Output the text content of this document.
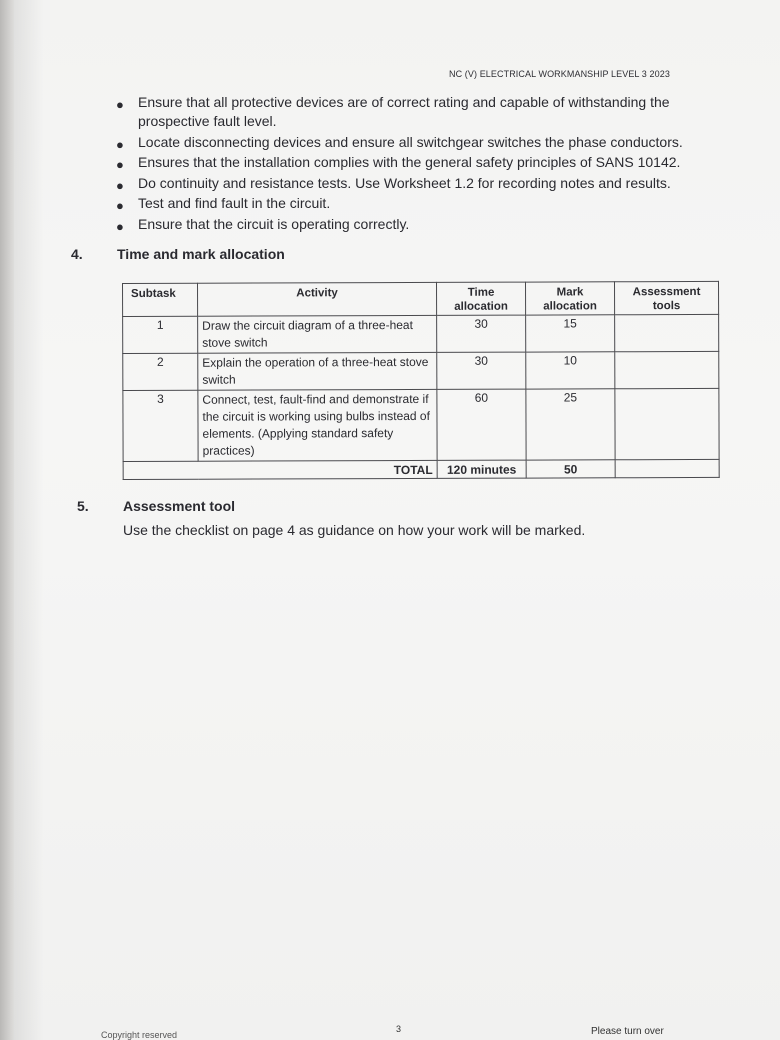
NC (V) ELECTRICAL WORKMANSHIP LEVEL 3 2023
● Ensure that all protective devices are of correct rating and capable of withstanding the prospective fault level.
● Locate disconnecting devices and ensure all switchgear switches the phase conductors.
● Ensures that the installation complies with the general safety principles of SANS 10142.
● Do continuity and resistance tests. Use Worksheet 1.2 for recording notes and results.
● Test and find fault in the circuit.
● Ensure that the circuit is operating correctly.
4. Time and mark allocation
Subtask	Activity	Time allocation	Mark allocation	Assessment tools
1	Draw the circuit diagram of a three-heat stove switch	30	15	
2	Explain the operation of a three-heat stove switch	30	10	
3	Connect, test, fault-find and demonstrate if the circuit is working using bulbs instead of elements. (Applying standard safety practices)	60	25	
TOTAL		120 minutes	50	
5. Assessment tool
Use the checklist on page 4 as guidance on how your work will be marked.
Copyright reserved
3	Please turn over
